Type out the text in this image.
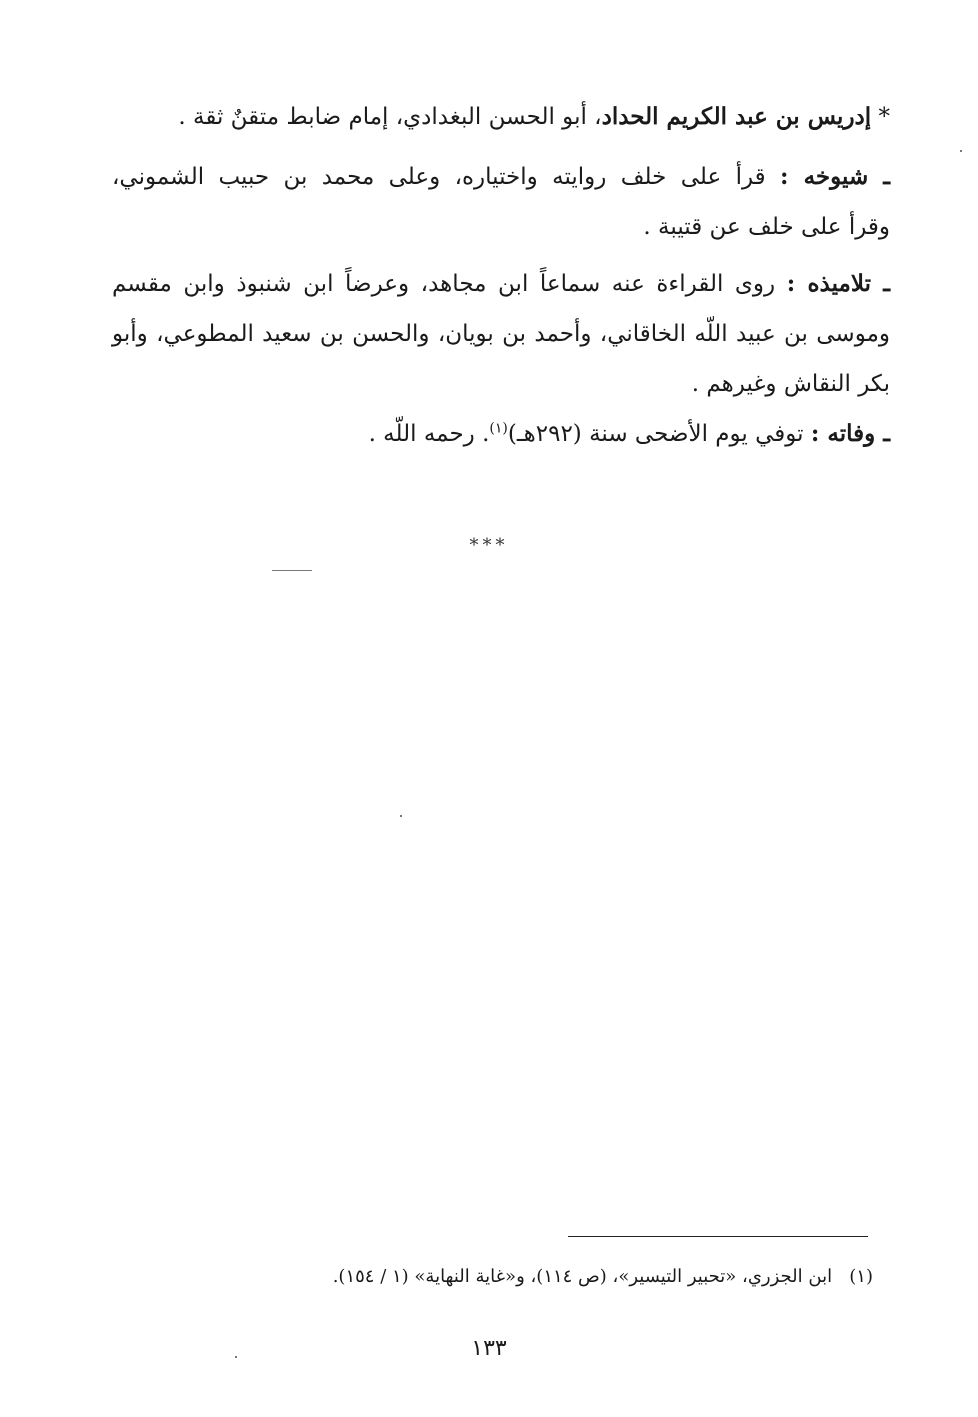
* إدريس بن عبد الكريم الحداد، أبو الحسن البغدادي، إمام ضابط متقنٌ ثقة .
ـ شيوخه : قرأ على خلف روايته واختياره، وعلى محمد بن حبيب الشموني،
وقرأ على خلف عن قتيبة .
ـ تلاميذه : روى القراءة عنه سماعاً ابن مجاهد، وعرضاً ابن شنبوذ وابن مقسم
وموسى بن عبيد اللّه الخاقاني، وأحمد بن بويان، والحسن بن سعيد المطوعي، وأبو
بكر النقاش وغيرهم .
ـ وفاته : توفي يوم الأضحى سنة (٢٩٢هـ)$^{(١)}$. رحمه اللّه .
***
(١)   ابن الجزري، «تحبير التيسير»، (ص ١١٤)، و«غاية النهاية» (١ / ١٥٤).
١٣٣
